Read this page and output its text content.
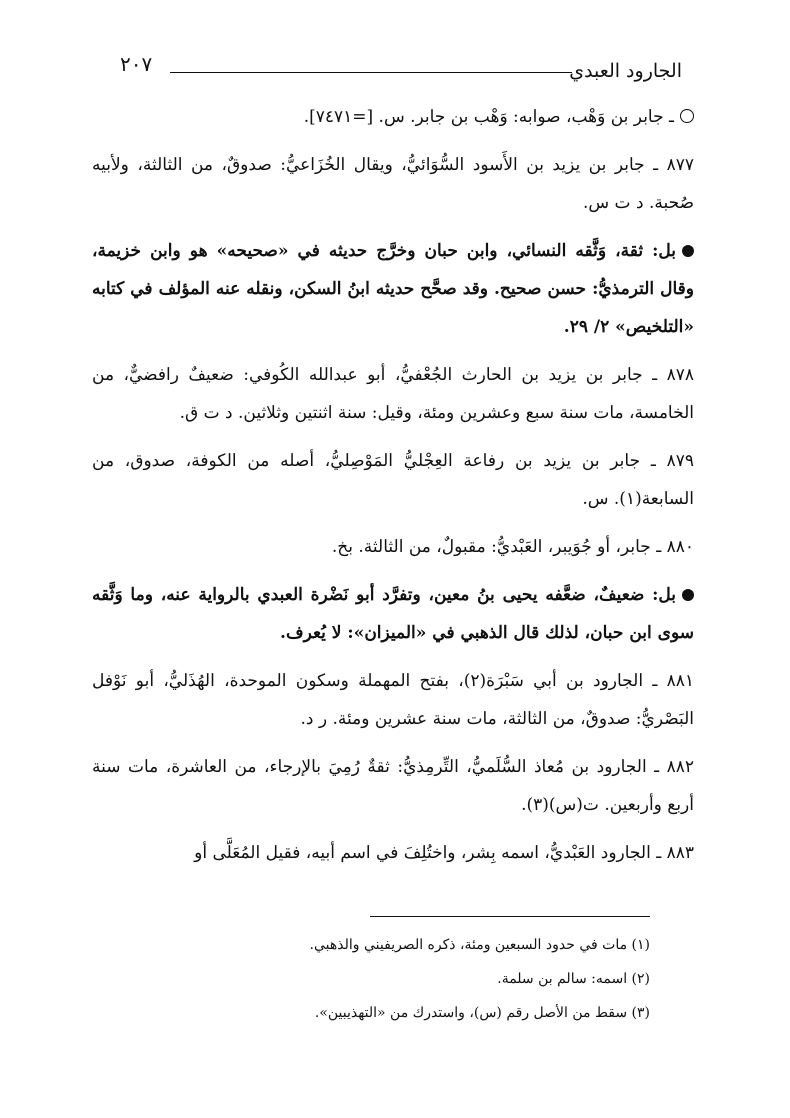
الجارود العبدي
٢٠٧

ـ جابر بن وَهْب، صوابه: وَهْب بن جابر. س. [=٧٤٧١].

٨٧٧ ـ جابر بن يزيد بن الأَسود السُّوَائيُّ، ويقال الخُزَاعيُّ: صدوقٌ، من الثالثة، ولأبيه صُحبة. د ت س.

بل: ثقة، وَثَّقه النسائي، وابن حبان وخرَّج حديثه في «صحيحه» هو وابن خزيمة، وقال الترمذيُّ: حسن صحيح. وقد صحَّح حديثه ابنُ السكن، ونقله عنه المؤلف في كتابه «التلخيص» ٢/ ٢٩.

٨٧٨ ـ جابر بن يزيد بن الحارث الجُعْفيُّ، أبو عبدالله الكُوفي: ضعيفٌ رافضيٌّ، من الخامسة، مات سنة سبع وعشرين ومئة، وقيل: سنة اثنتين وثلاثين. د ت ق.

٨٧٩ ـ جابر بن يزيد بن رفاعة العِجْليُّ المَوْصِليُّ، أصله من الكوفة، صدوق، من السابعة(١). س.

٨٨٠ ـ جابر، أو جُوَيبر، العَبْديُّ: مقبولٌ، من الثالثة. بخ.

بل: ضعيفٌ، ضعَّفه يحيى بنُ معين، وتفرَّد أبو نَضْرة العبدي بالرواية عنه، وما وَثَّقه سوى ابن حبان، لذلك قال الذهبي في «الميزان»: لا يُعرف.

٨٨١ ـ الجارود بن أبي سَبْرَة(٢)، بفتح المهملة وسكون الموحدة، الهُذَليُّ، أبو نَوْفل البَصْريُّ: صدوقٌ، من الثالثة، مات سنة عشرين ومئة. ر د.

٨٨٢ ـ الجارود بن مُعاذ السُّلَميُّ، التِّرمِذيُّ: ثقةٌ رُمِيَ بالإرجاء، من العاشرة، مات سنة أربع وأربعين. ت(س)(٣).

٨٨٣ ـ الجارود العَبْديُّ، اسمه بِشر، واختُلِفَ في اسم أبيه، فقيل المُعَلَّى أو

(١) مات في حدود السبعين ومئة، ذكره الصريفيني والذهبي.

(٢) اسمه: سالم بن سلمة.

(٣) سقط من الأصل رقم (س)، واستدرك من «التهذيبين».
